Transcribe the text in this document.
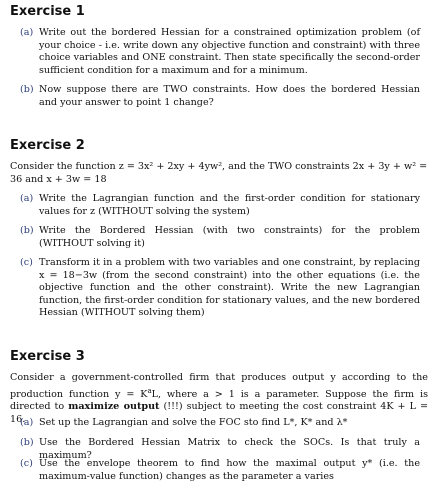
Exercise 1
(a) Write out the bordered Hessian for a constrained optimization problem (of your choice - i.e. write down any objective function and constraint) with three choice variables and ONE constraint. Then state specifically the second-order sufficient condition for a maximum and for a minimum.
(b) Now suppose there are TWO constraints. How does the bordered Hessian and your answer to point 1 change?
Exercise 2

Consider the function z = 3x² + 2xy + 4yw², and the TWO constraints 2x + 3y + w² = 36 and x + 3w = 18

(a) Write the Lagrangian function and the first-order condition for stationary values for z (WITHOUT solving the system)
(b) Write the Bordered Hessian (with two constraints) for the problem (WITHOUT solving it)
(c) Transform it in a problem with two variables and one constraint, by replacing x = 18−3w (from the second constraint) into the other equations (i.e. the objective function and the other constraint). Write the new Lagrangian function, the first-order condition for stationary values, and the new bordered Hessian (WITHOUT solving them)
Exercise 3

Consider a government-controlled firm that produces output y according to the production function $y = K^aL$, where a > 1 is a parameter. Suppose the firm is directed to maximize output (!!!) subject to meeting the cost constraint 4K + L = 16.

(a) Set up the Lagrangian and solve the FOC sto find L*, K* and λ*
(b) Use the Bordered Hessian Matrix to check the SOCs. Is that truly a maximum?
(c) Use the envelope theorem to find how the maximal output y* (i.e. the maximum-value function) changes as the parameter a varies
